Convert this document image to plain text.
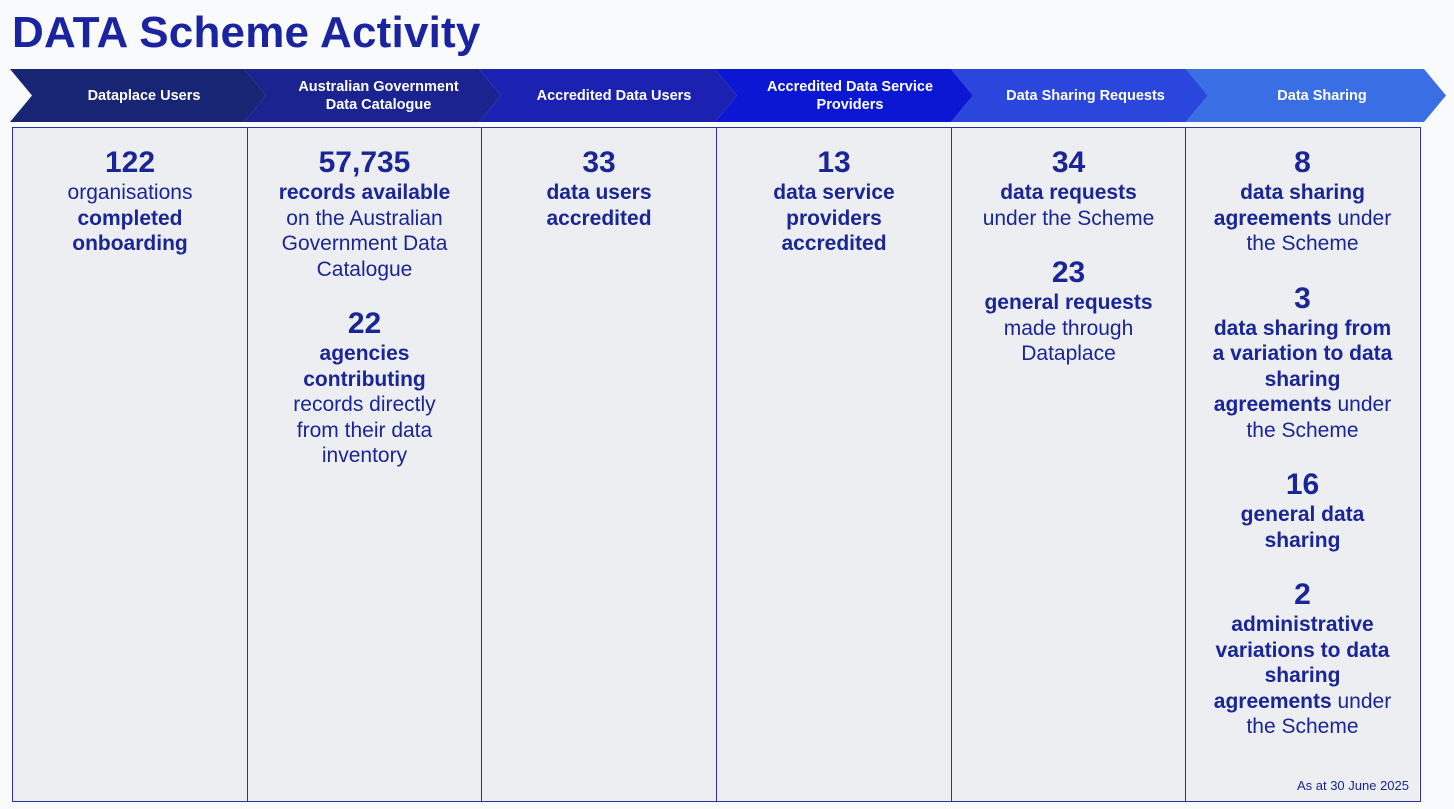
DATA Scheme Activity
Dataplace Users
Australian Government Data Catalogue
Accredited Data Users
Accredited Data Service Providers
Data Sharing Requests	Data Sharing
122
organisations
completed
onboarding
57,735
records available
on the Australian
Government Data
Catalogue
22
agencies
contributing
records directly
from their data
inventory
33
data users
accredited
13
data service
providers
accredited
34
data requests
under the Scheme
23
general requests
made through
Dataplace
8
data sharing
agreements under
the Scheme
3
data sharing from
a variation to data
sharing
agreements under
the Scheme
16
general data
sharing
2
administrative
variations to data
sharing
agreements under
the Scheme
As at 30 June 2025
